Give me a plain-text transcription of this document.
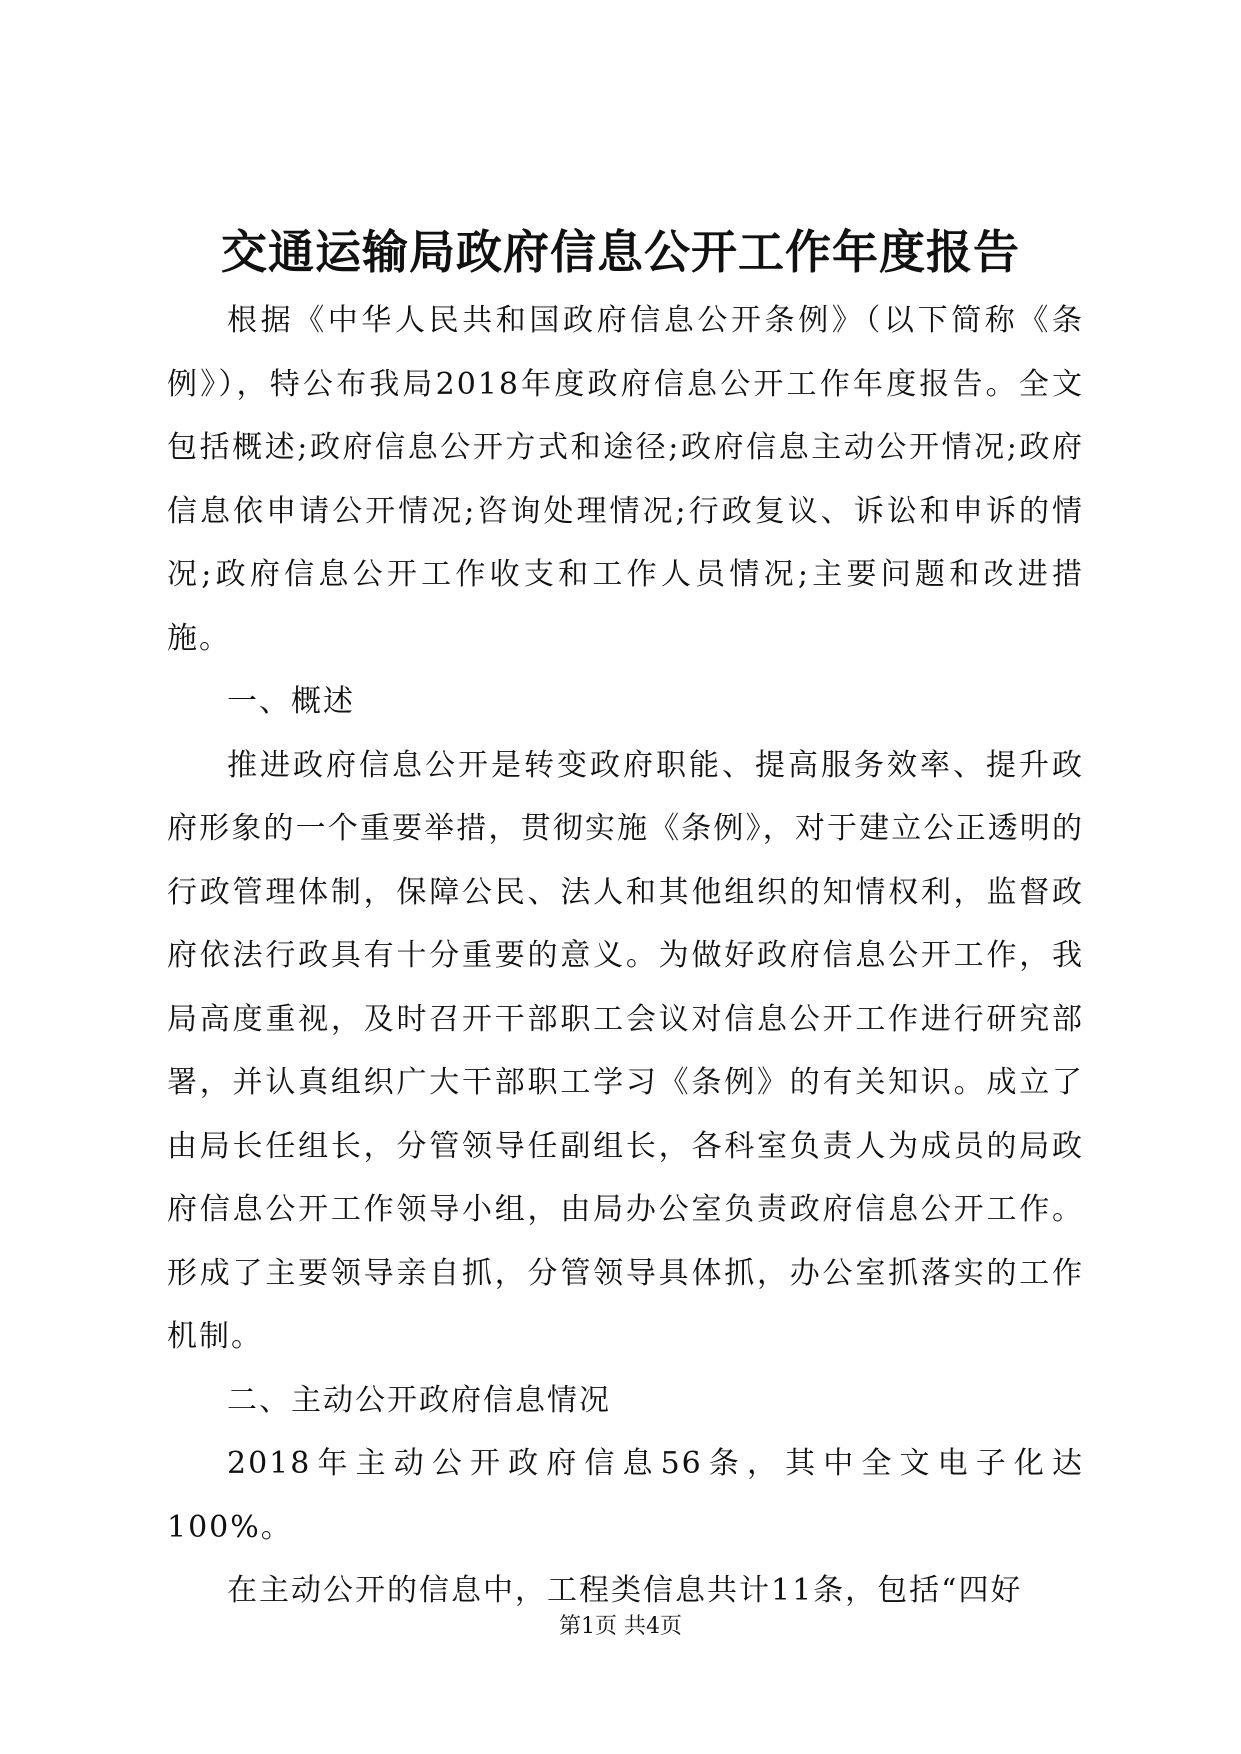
交通运输局政府信息公开工作年度报告

根据《中华人民共和国政府信息公开条例》（以下简称《条例》），特公布我局2018年度政府信息公开工作年度报告。全文包括概述;政府信息公开方式和途径;政府信息主动公开情况;政府信息依申请公开情况;咨询处理情况;行政复议、诉讼和申诉的情况;政府信息公开工作收支和工作人员情况;主要问题和改进措施。

一、概述

推进政府信息公开是转变政府职能、提高服务效率、提升政府形象的一个重要举措，贯彻实施《条例》，对于建立公正透明的行政管理体制，保障公民、法人和其他组织的知情权利，监督政府依法行政具有十分重要的意义。为做好政府信息公开工作，我局高度重视，及时召开干部职工会议对信息公开工作进行研究部署，并认真组织广大干部职工学习《条例》的有关知识。成立了由局长任组长，分管领导任副组长，各科室负责人为成员的局政府信息公开工作领导小组，由局办公室负责政府信息公开工作。形成了主要领导亲自抓，分管领导具体抓，办公室抓落实的工作机制。

二、主动公开政府信息情况

2018年主动公开政府信息56条，其中全文电子化达100%。

在主动公开的信息中，工程类信息共计11条，包括“四好

第1页 共4页
